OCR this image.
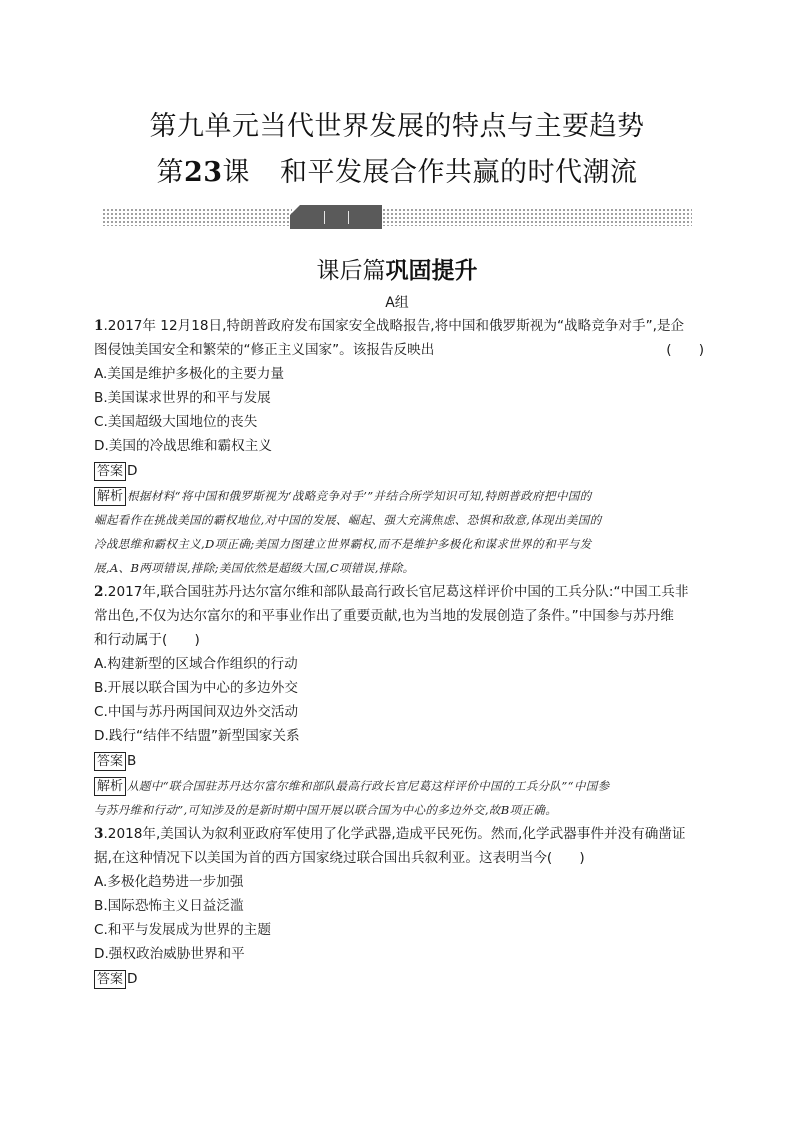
第九单元当代世界发展的特点与主要趋势
第23课 和平发展合作共赢的时代潮流
课后篇巩固提升
A组
1.2017年 12月18日,特朗普政府发布国家安全战略报告,将中国和俄罗斯视为“战略竞争对手”,是企
图侵蚀美国安全和繁荣的“修正主义国家”。该报告反映出	(　　)
A.美国是维护多极化的主要力量
B.美国谋求世界的和平与发展
C.美国超级大国地位的丧失
D.美国的冷战思维和霸权主义
答案 D
解析 根据材料“将中国和俄罗斯视为‘战略竞争对手’”并结合所学知识可知,特朗普政府把中国的
崛起看作在挑战美国的霸权地位,对中国的发展、崛起、强大充满焦虑、恐惧和敌意,体现出美国的
冷战思维和霸权主义,D项正确;美国力图建立世界霸权,而不是维护多极化和谋求世界的和平与发
展,A、B两项错误,排除;美国依然是超级大国,C项错误,排除。
2.2017年,联合国驻苏丹达尔富尔维和部队最高行政长官尼葛这样评价中国的工兵分队:“中国工兵非
常出色,不仅为达尔富尔的和平事业作出了重要贡献,也为当地的发展创造了条件。”中国参与苏丹维
和行动属于(　　)
A.构建新型的区域合作组织的行动
B.开展以联合国为中心的多边外交
C.中国与苏丹两国间双边外交活动
D.践行“结伴不结盟”新型国家关系
答案 B
解析 从题中“联合国驻苏丹达尔富尔维和部队最高行政长官尼葛这样评价中国的工兵分队”“中国参
与苏丹维和行动”,可知涉及的是新时期中国开展以联合国为中心的多边外交,故B项正确。
3.2018年,美国认为叙利亚政府军使用了化学武器,造成平民死伤。然而,化学武器事件并没有确凿证
据,在这种情况下以美国为首的西方国家绕过联合国出兵叙利亚。这表明当今(　　)
A.多极化趋势进一步加强
B.国际恐怖主义日益泛滥
C.和平与发展成为世界的主题
D.强权政治威胁世界和平
答案 D
